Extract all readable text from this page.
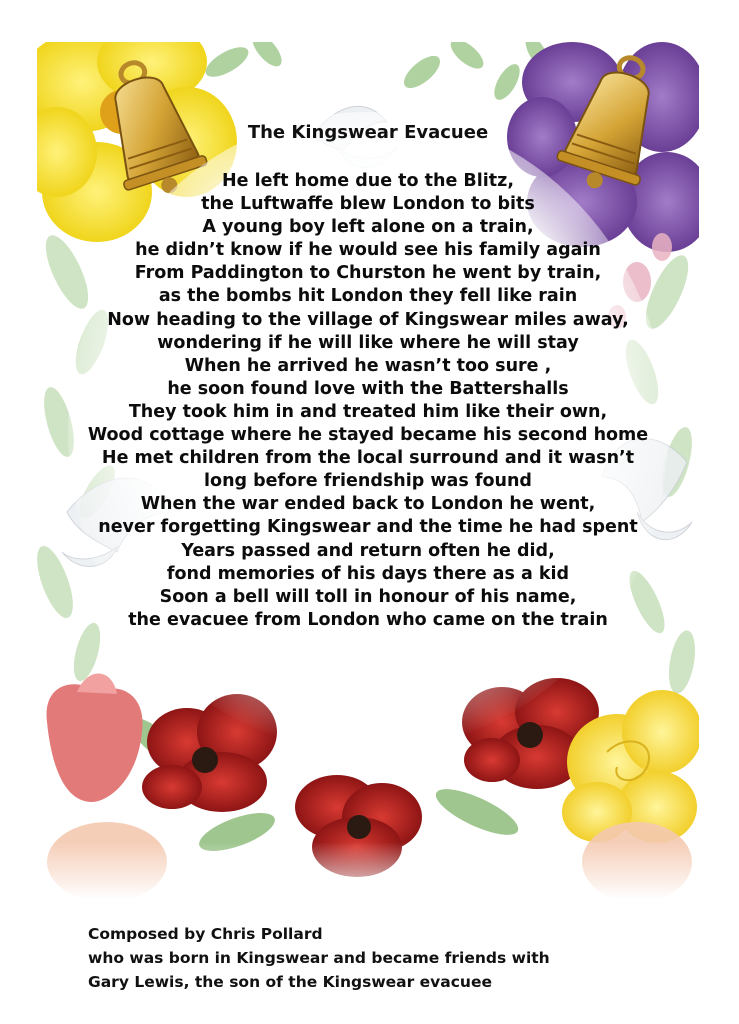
The Kingswear Evacuee
He left home due to the Blitz,
the Luftwaffe blew London to bits
A young boy left alone on a train,
he didn’t know if he would see his family again
From Paddington to Churston he went by train,
as the bombs hit London they fell like rain
Now heading to the village of Kingswear miles away,
wondering if he will like where he will stay
When he arrived he wasn’t too sure ,
he soon found love with the Battershalls
They took him in and treated him like their own,
Wood cottage where he stayed became his second home
He met children from the local surround and it wasn’t
long before friendship was found
When the war ended back to London he went,
never forgetting Kingswear and the time he had spent
Years passed and return often he did,
fond memories of his days there as a kid
Soon a bell will toll in honour of his name,
the evacuee from London who came on the train
Composed by Chris Pollard
who was born in Kingswear and became friends with
Gary Lewis, the son of the Kingswear evacuee
